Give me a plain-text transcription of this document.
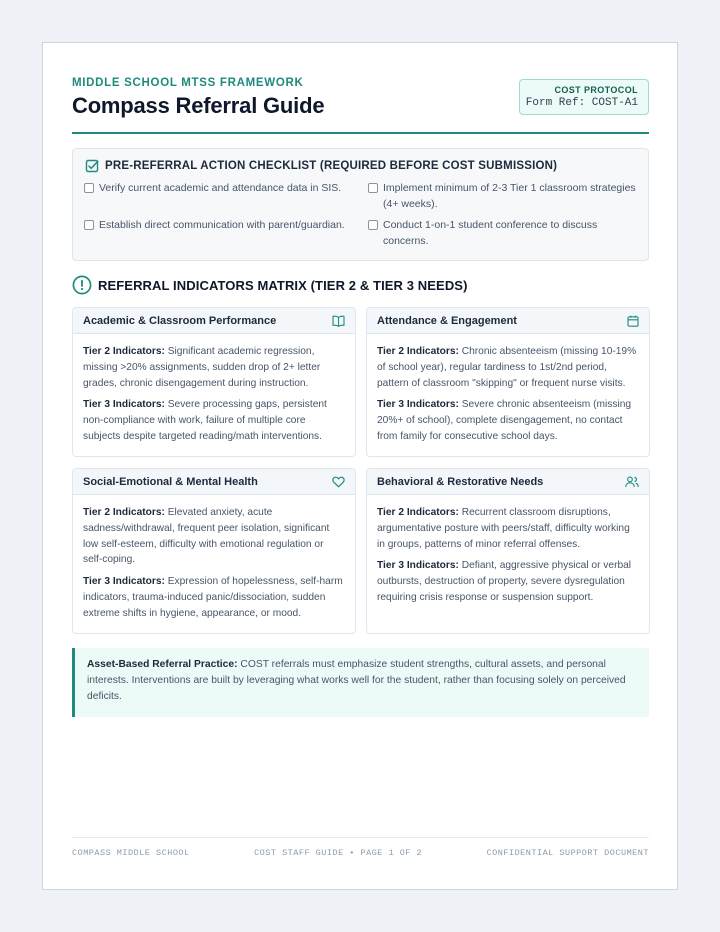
MIDDLE SCHOOL MTSS FRAMEWORK
Compass Referral Guide
COST PROTOCOL
Form Ref: COST-A1
PRE-REFERRAL ACTION CHECKLIST (REQUIRED BEFORE COST SUBMISSION)
Verify current academic and attendance data in SIS.	Implement minimum of 2-3 Tier 1 classroom strategies (4+ weeks).
Establish direct communication with parent/guardian.	Conduct 1-on-1 student conference to discuss concerns.
REFERRAL INDICATORS MATRIX (TIER 2 & TIER 3 NEEDS)
Academic & Classroom Performance

Tier 2 Indicators: Significant academic regression, missing >20% assignments, sudden drop of 2+ letter grades, chronic disengagement during instruction.

Tier 3 Indicators: Severe processing gaps, persistent non-compliance with work, failure of multiple core subjects despite targeted reading/math interventions.

Attendance & Engagement

Tier 2 Indicators: Chronic absenteeism (missing 10-19% of school year), regular tardiness to 1st/2nd period, pattern of classroom "skipping" or frequent nurse visits.

Tier 3 Indicators: Severe chronic absenteeism (missing 20%+ of school), complete disengagement, no contact from family for consecutive school days.

Social-Emotional & Mental Health

Tier 2 Indicators: Elevated anxiety, acute sadness/withdrawal, frequent peer isolation, significant low self-esteem, difficulty with emotional regulation or self-coping.

Tier 3 Indicators: Expression of hopelessness, self-harm indicators, trauma-induced panic/dissociation, sudden extreme shifts in hygiene, appearance, or mood.

Behavioral & Restorative Needs

Tier 2 Indicators: Recurrent classroom disruptions, argumentative posture with peers/staff, difficulty working in groups, patterns of minor referral offenses.

Tier 3 Indicators: Defiant, aggressive physical or verbal outbursts, destruction of property, severe dysregulation requiring crisis response or suspension support.

Asset-Based Referral Practice: COST referrals must emphasize student strengths, cultural assets, and personal interests. Interventions are built by leveraging what works well for the student, rather than focusing solely on perceived deficits.
COMPASS MIDDLE SCHOOL	COST STAFF GUIDE • PAGE 1 OF 2	CONFIDENTIAL SUPPORT DOCUMENT
